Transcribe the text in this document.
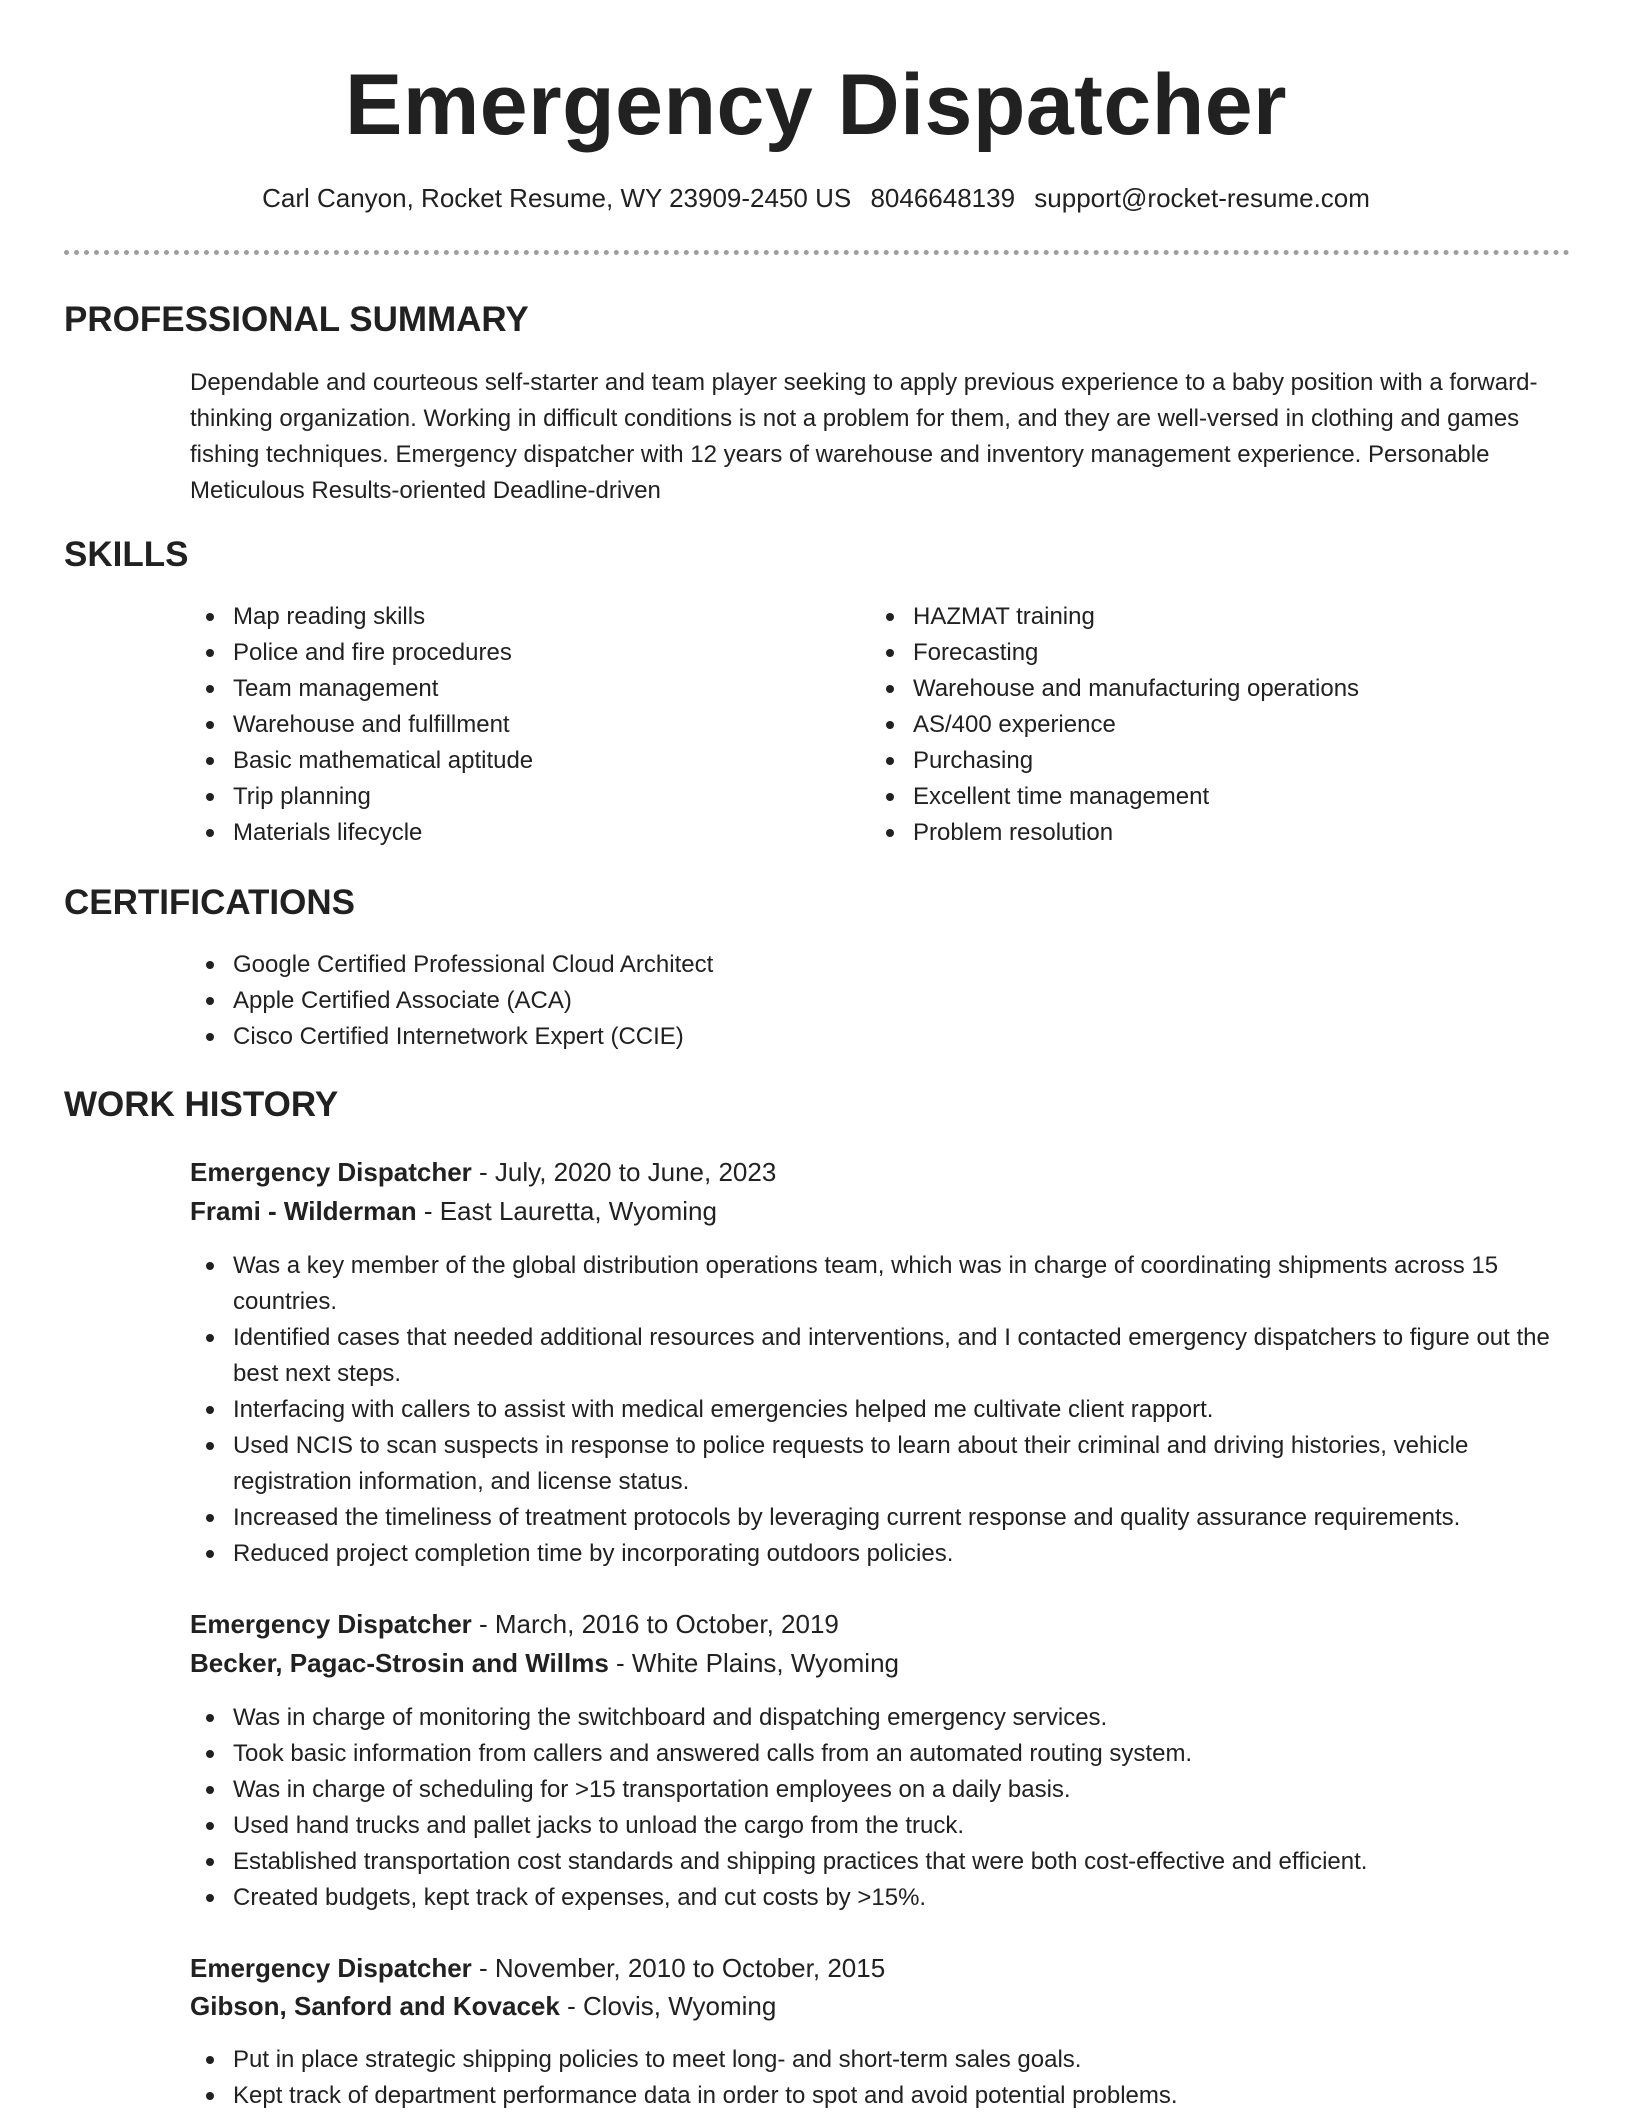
Emergency Dispatcher
Carl Canyon, Rocket Resume, WY 23909-2450 US 8046648139 support@rocket-resume.com
PROFESSIONAL SUMMARY

Dependable and courteous self-starter and team player seeking to apply previous experience to a baby position with a forward-thinking organization. Working in difficult conditions is not a problem for them, and they are well-versed in clothing and games fishing techniques. Emergency dispatcher with 12 years of warehouse and inventory management experience. Personable Meticulous Results-oriented Deadline-driven

SKILLS
Map reading skills
Police and fire procedures
Team management
Warehouse and fulfillment
Basic mathematical aptitude
Trip planning
Materials lifecycle
HAZMAT training
Forecasting
Warehouse and manufacturing operations
AS/400 experience
Purchasing
Excellent time management
Problem resolution
CERTIFICATIONS
Google Certified Professional Cloud Architect
Apple Certified Associate (ACA)
Cisco Certified Internetwork Expert (CCIE)
WORK HISTORY
Emergency Dispatcher - July, 2020 to June, 2023
Frami - Wilderman - East Lauretta, Wyoming
Was a key member of the global distribution operations team, which was in charge of coordinating shipments across 15 countries.
Identified cases that needed additional resources and interventions, and I contacted emergency dispatchers to figure out the best next steps.
Interfacing with callers to assist with medical emergencies helped me cultivate client rapport.
Used NCIS to scan suspects in response to police requests to learn about their criminal and driving histories, vehicle registration information, and license status.
Increased the timeliness of treatment protocols by leveraging current response and quality assurance requirements.
Reduced project completion time by incorporating outdoors policies.
Emergency Dispatcher - March, 2016 to October, 2019
Becker, Pagac-Strosin and Willms - White Plains, Wyoming
Was in charge of monitoring the switchboard and dispatching emergency services.
Took basic information from callers and answered calls from an automated routing system.
Was in charge of scheduling for >15 transportation employees on a daily basis.
Used hand trucks and pallet jacks to unload the cargo from the truck.
Established transportation cost standards and shipping practices that were both cost-effective and efficient.
Created budgets, kept track of expenses, and cut costs by >15%.
Emergency Dispatcher - November, 2010 to October, 2015
Gibson, Sanford and Kovacek - Clovis, Wyoming
Put in place strategic shipping policies to meet long- and short-term sales goals.
Kept track of department performance data in order to spot and avoid potential problems.
